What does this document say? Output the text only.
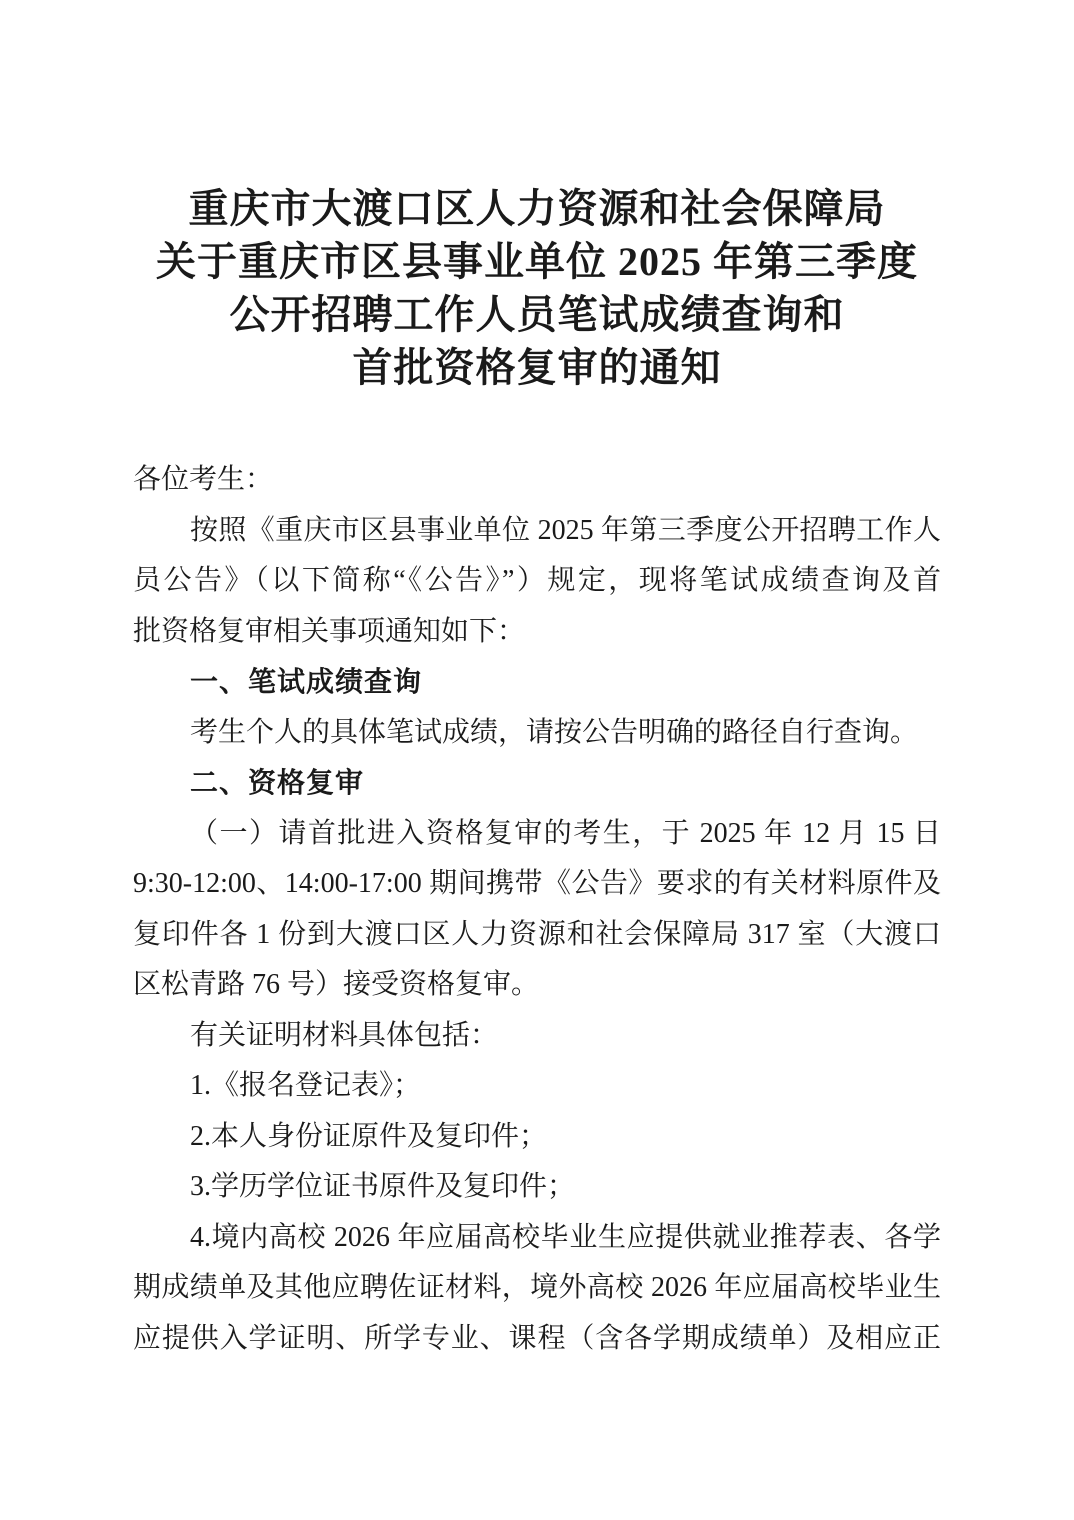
重庆市大渡口区人力资源和社会保障局
关于重庆市区县事业单位 2025 年第三季度
公开招聘工作人员笔试成绩查询和
首批资格复审的通知
各位考生：
按照《重庆市区县事业单位 2025 年第三季度公开招聘工作人
员公告》（以下简称“《公告》”）规定，现将笔试成绩查询及首
批资格复审相关事项通知如下：
一、笔试成绩查询
考生个人的具体笔试成绩，请按公告明确的路径自行查询。
二、资格复审
（一）请首批进入资格复审的考生，于 2025 年 12 月 15 日
9:30-12:00、14:00-17:00 期间携带《公告》要求的有关材料原件及
复印件各 1 份到大渡口区人力资源和社会保障局 317 室（大渡口
区松青路 76 号）接受资格复审。
有关证明材料具体包括：
1.《报名登记表》；
2.本人身份证原件及复印件；
3.学历学位证书原件及复印件；
4.境内高校 2026 年应届高校毕业生应提供就业推荐表、各学
期成绩单及其他应聘佐证材料，境外高校 2026 年应届高校毕业生
应提供入学证明、所学专业、课程（含各学期成绩单）及相应正
